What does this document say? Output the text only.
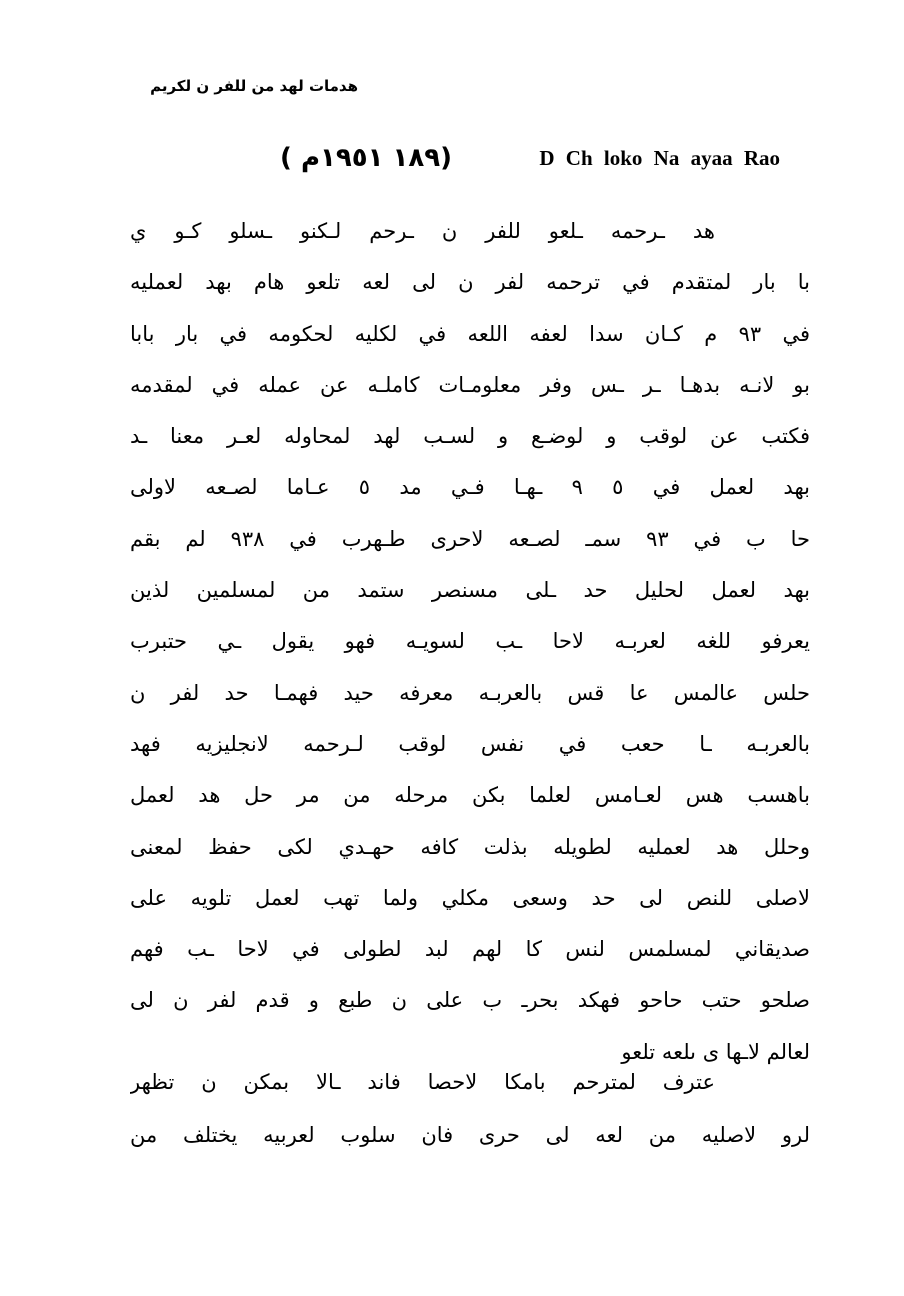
هدمات لهد من للفر ن لكريم
( ١٨٩ ١٩٥١م)	D Ch loko Na ayaa Rao
هد ـرحمه ـلعو للفر ن ـرحم لـكنو ـسلو كـو ي
با بار لمتقدم في ترحمه لفر ن لى لعه تلعو هام بهد لعمليه
في ٩٣ م كـان سدا لعفه اللعه في لكليه لحكومه في بار بابا
بو لانـه بدهـا ـر ـس وفر معلومـات كاملـه عن عمله في لمقدمه
فكتب عن لوقب و لوضـع و لسـب لهد لمحاوله لعـر معنا ـد
بهد لعمل في ٥ ٩ ـهـا فـي مد ٥ عـاما لصـعه لاولى
حا ب في ٩٣ سمـ لصـعه لاحرى طـهرب في ٩٣٨ لم بقم
بهد لعمل لحليل حد ـلى مسنصر ستمد من لمسلمين لذين
يعرفو للغه لعربـه لاحا ـب لسويـه فهو يقول ـي حتبرب
حلس عالمس عا قس بالعربـه معرفه حيد فهمـا حد لفر ن
بالعربـه ـا حعب في نفس لوقب لـرحمه لانجليزيه فهد
باهسب هس لعـامس لعلما بكن مرحله من مر حل هد لعمل
وحلل هد لعمليه لطويله بذلت كافه حهـدي لكى حفظ لمعنى
لاصلى للنص لى حد وسعى مكلي ولما تهب لعمل تلويه على
صديقاني لمسلمس لنس كا لهم لبد لطولى في لاحا ـب فهم
صلحو حتب حاحو فهكد بحرـ ب على ن طبع و قدم لفر ن لى
لعالم لاـها ى ىلعه تلعو
عترف لمترحم بامكا لاحصا فاند ـالا بمكن ن تظهر
لرو لاصليه من لعه لى حرى فان سلوب لعربيه يختلف من
